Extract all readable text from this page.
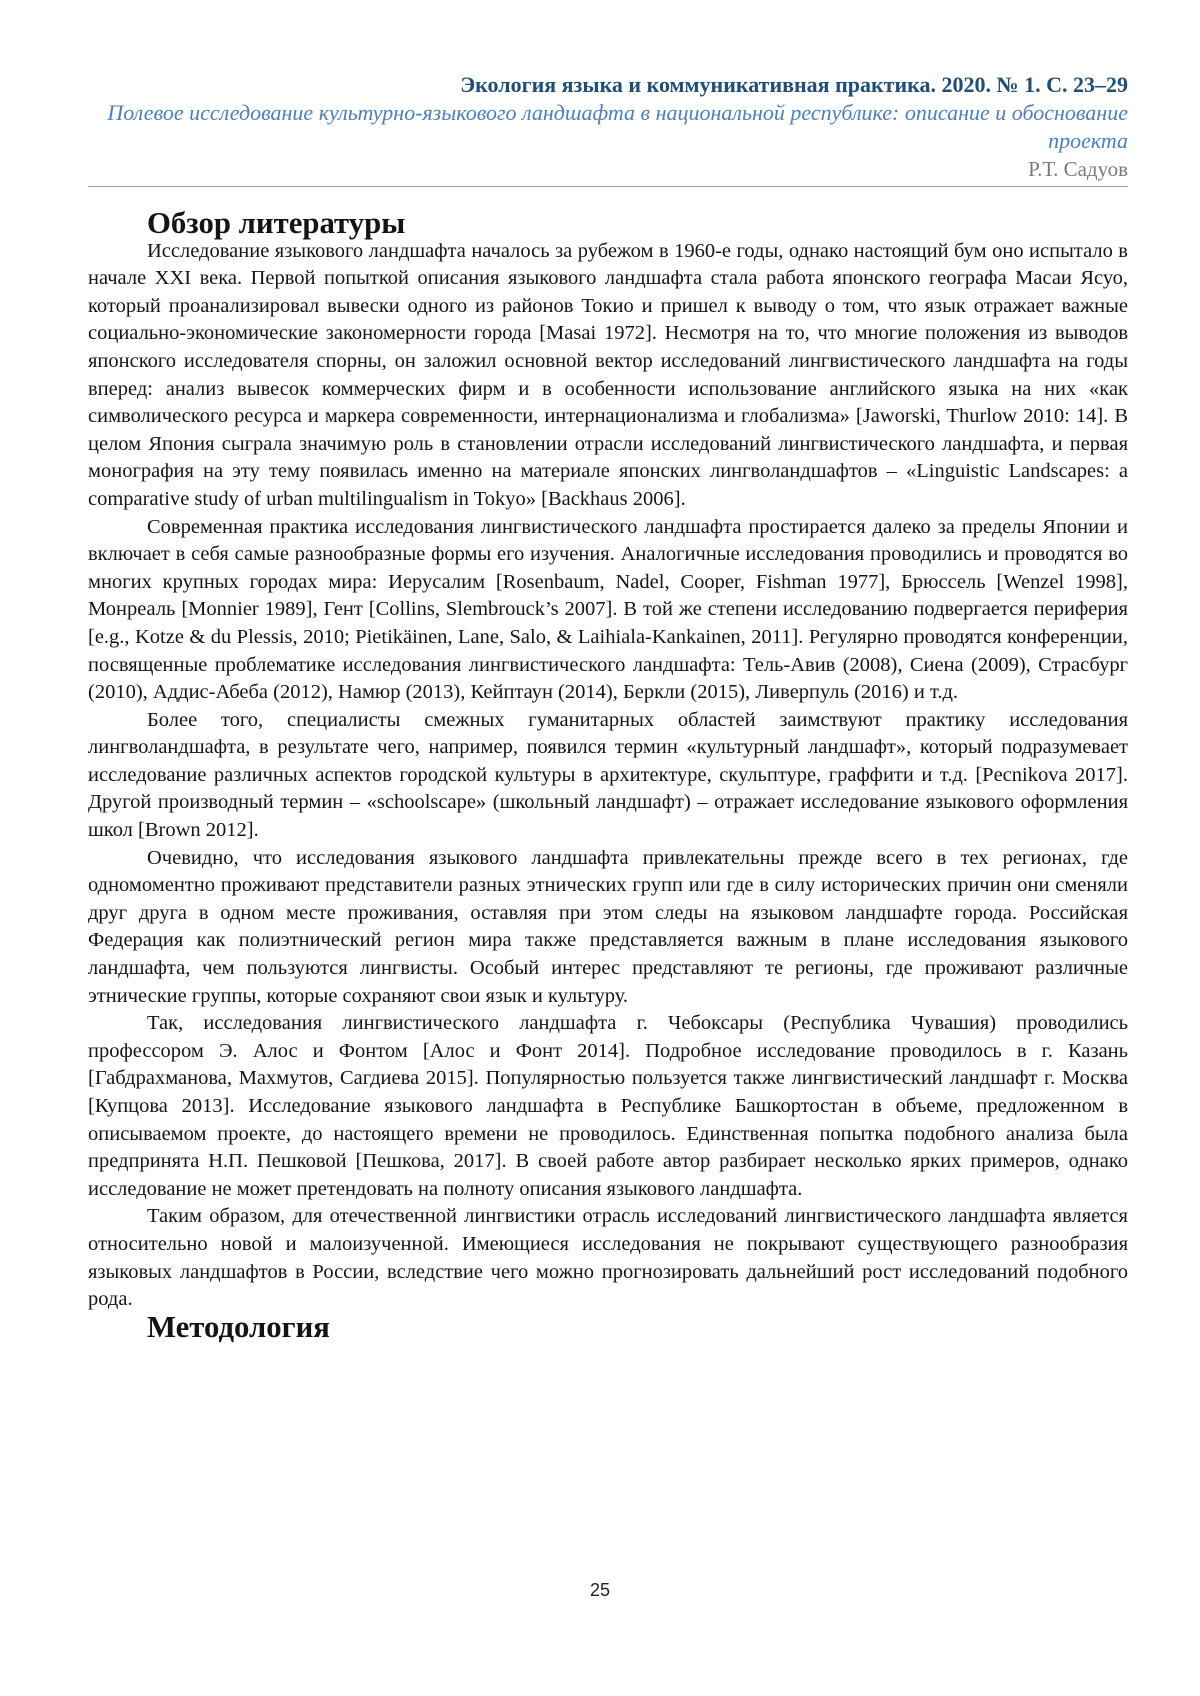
Экология языка и коммуникативная практика. 2020. № 1. С. 23–29
Полевое исследование культурно-языкового ландшафта в национальной республике: описание и обоснование проекта
Р.Т. Садуов
Обзор литературы

Исследование языкового ландшафта началось за рубежом в 1960-е годы, однако настоящий бум оно испытало в начале XXI века. Первой попыткой описания языкового ландшафта стала работа японского географа Масаи Ясуо, который проанализировал вывески одного из районов Токио и пришел к выводу о том, что язык отражает важные социально-экономические закономерности города [Masai 1972]. Несмотря на то, что многие положения из выводов японского исследователя спорны, он заложил основной вектор исследований лингвистического ландшафта на годы вперед: анализ вывесок коммерческих фирм и в особенности использование английского языка на них «как символического ресурса и маркера современности, интернационализма и глобализма» [Jaworski, Thurlow 2010: 14]. В целом Япония сыграла значимую роль в становлении отрасли исследований лингвистического ландшафта, и первая монография на эту тему появилась именно на материале японских лингволандшафтов – «Linguistic Landscapes: a comparative study of urban multilingualism in Tokyo» [Backhaus 2006].

Современная практика исследования лингвистического ландшафта простирается далеко за пределы Японии и включает в себя самые разнообразные формы его изучения. Аналогичные исследования проводились и проводятся во многих крупных городах мира: Иерусалим [Rosenbaum, Nadel, Cooper, Fishman 1977], Брюссель [Wenzel 1998], Монреаль [Monnier 1989], Гент [Collins, Slembrouck’s 2007]. В той же степени исследованию подвергается периферия [e.g., Kotze & du Plessis, 2010; Pietikäinen, Lane, Salo, & Laihiala-Kankainen, 2011]. Регулярно проводятся конференции, посвященные проблематике исследования лингвистического ландшафта: Тель-Авив (2008), Сиена (2009), Страсбург (2010), Аддис-Абеба (2012), Намюр (2013), Кейптаун (2014), Беркли (2015), Ливерпуль (2016) и т.д.

Более того, специалисты смежных гуманитарных областей заимствуют практику исследования лингволандшафта, в результате чего, например, появился термин «культурный ландшафт», который подразумевает исследование различных аспектов городской культуры в архитектуре, скульптуре, граффити и т.д. [Pecnikova 2017]. Другой производный термин – «schoolscape» (школьный ландшафт) – отражает исследование языкового оформления школ [Brown 2012].

Очевидно, что исследования языкового ландшафта привлекательны прежде всего в тех регионах, где одномоментно проживают представители разных этнических групп или где в силу исторических причин они сменяли друг друга в одном месте проживания, оставляя при этом следы на языковом ландшафте города. Российская Федерация как полиэтнический регион мира также представляется важным в плане исследования языкового ландшафта, чем пользуются лингвисты. Особый интерес представляют те регионы, где проживают различные этнические группы, которые сохраняют свои язык и культуру.

Так, исследования лингвистического ландшафта г. Чебоксары (Республика Чувашия) проводились профессором Э. Алос и Фонтом [Алос и Фонт 2014]. Подробное исследование проводилось в г. Казань [Габдрахманова, Махмутов, Сагдиева 2015]. Популярностью пользуется также лингвистический ландшафт г. Москва [Купцова 2013]. Исследование языкового ландшафта в Республике Башкортостан в объеме, предложенном в описываемом проекте, до настоящего времени не проводилось. Единственная попытка подобного анализа была предпринята Н.П. Пешковой [Пешкова, 2017]. В своей работе автор разбирает несколько ярких примеров, однако исследование не может претендовать на полноту описания языкового ландшафта.

Таким образом, для отечественной лингвистики отрасль исследований лингвистического ландшафта является относительно новой и малоизученной. Имеющиеся исследования не покрывают существующего разнообразия языковых ландшафтов в России, вследствие чего можно прогнозировать дальнейший рост исследований подобного рода.

Методология
25
